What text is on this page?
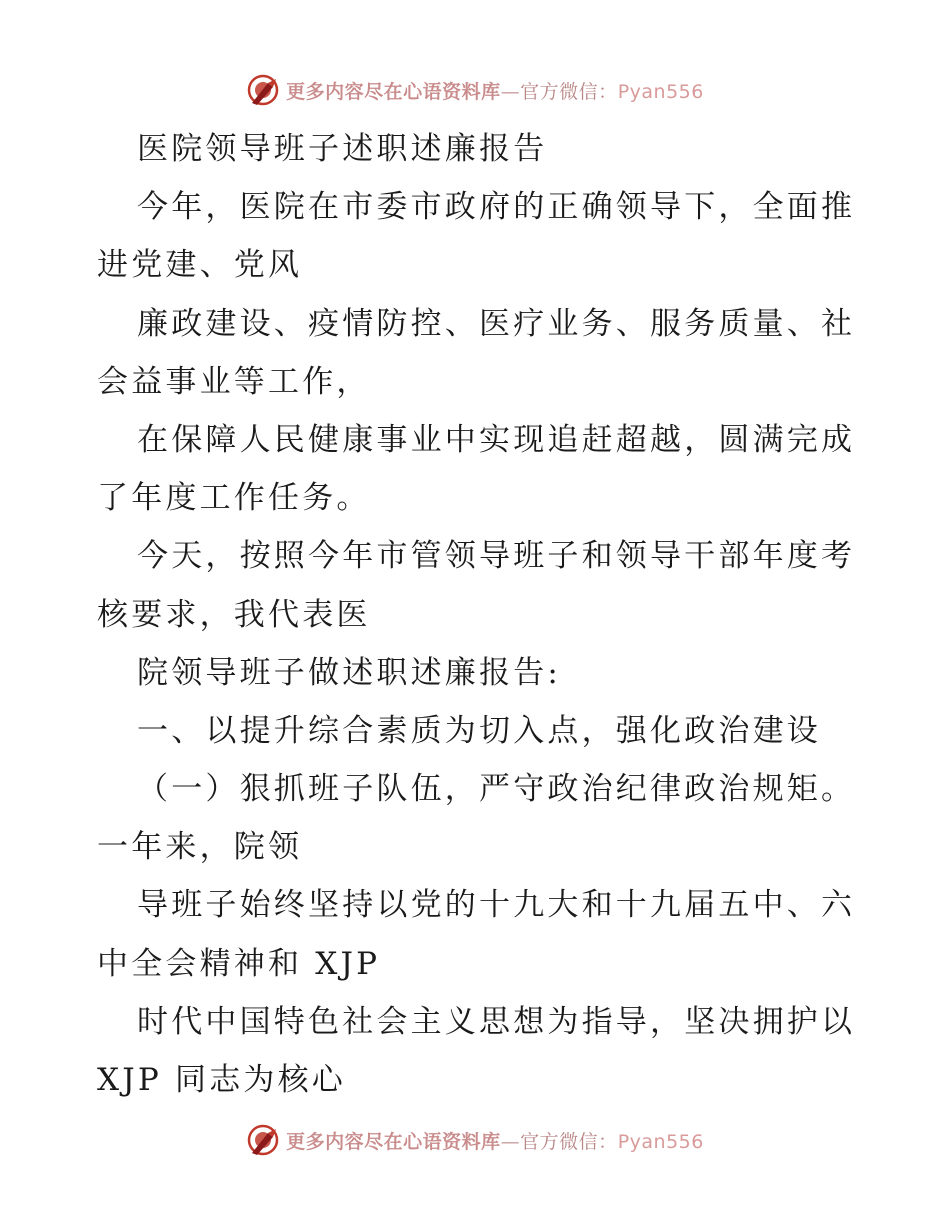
更多内容尽在心语资料库—官方微信：Pyan556
医院领导班子述职述廉报告
今年，医院在市委市政府的正确领导下，全面推
进党建、党风
廉政建设、疫情防控、医疗业务、服务质量、社
会益事业等工作，
在保障人民健康事业中实现追赶超越，圆满完成
了年度工作任务。
今天，按照今年市管领导班子和领导干部年度考
核要求，我代表医
院领导班子做述职述廉报告:
一、以提升综合素质为切入点，强化政治建设
（一）狠抓班子队伍，严守政治纪律政治规矩。
一年来，院领
导班子始终坚持以党的十九大和十九届五中、六
中全会精神和 XJP
时代中国特色社会主义思想为指导，坚决拥护以
XJP 同志为核心
更多内容尽在心语资料库—官方微信：Pyan556
